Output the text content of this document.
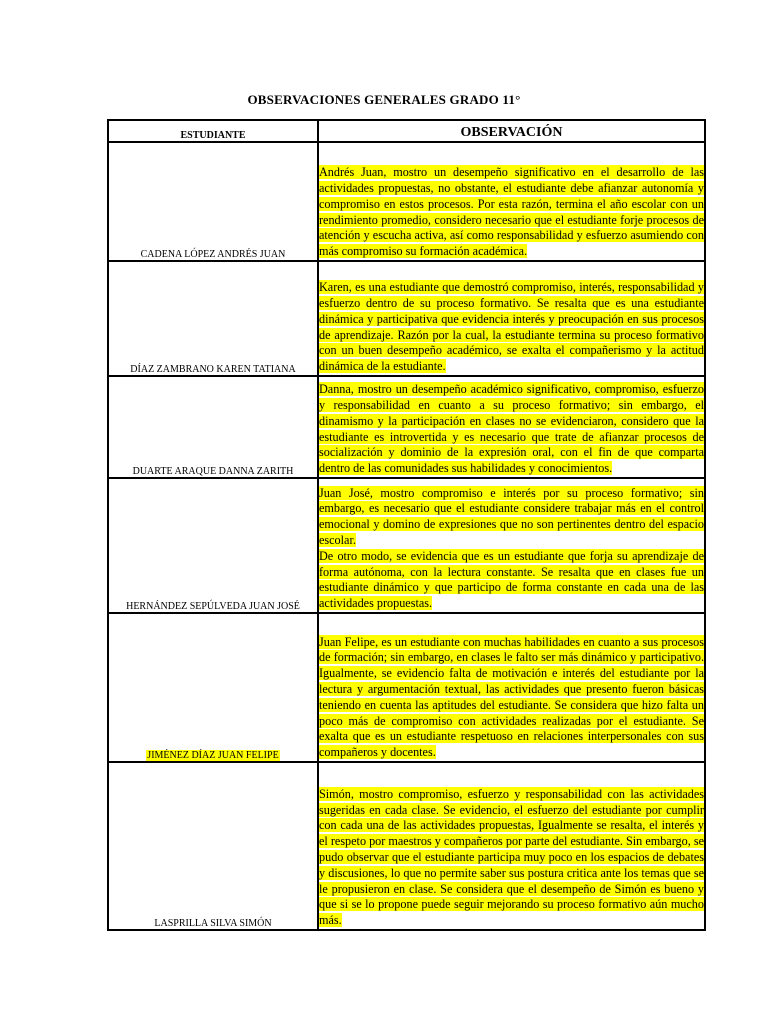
OBSERVACIONES GENERALES GRADO 11°
ESTUDIANTE	OBSERVACIÓN
CADENA LÓPEZ ANDRÉS JUAN	Andrés Juan, mostro un desempeño significativo en el desarrollo de las actividades propuestas, no obstante, el estudiante debe afianzar autonomía y compromiso en estos procesos. Por esta razón, termina el año escolar con un rendimiento promedio, considero necesario que el estudiante forje procesos de atención y escucha activa, así como responsabilidad y esfuerzo asumiendo con más compromiso su formación académica.

DÍAZ ZAMBRANO KAREN TATIANA	Karen, es una estudiante que demostró compromiso, interés, responsabilidad y esfuerzo dentro de su proceso formativo. Se resalta que es una estudiante dinámica y participativa que evidencia interés y preocupación en sus procesos de aprendizaje. Razón por la cual, la estudiante termina su proceso formativo con un buen desempeño académico, se exalta el compañerismo y la actitud dinámica de la estudiante.

DUARTE ARAQUE DANNA ZARITH	Danna, mostro un desempeño académico significativo, compromiso, esfuerzo y responsabilidad en cuanto a su proceso formativo; sin embargo, el dinamismo y la participación en clases no se evidenciaron, considero que la estudiante es introvertida y es necesario que trate de afianzar procesos de socialización y dominio de la expresión oral, con el fin de que comparta dentro de las comunidades sus habilidades y conocimientos.

HERNÁNDEZ SEPÚLVEDA JUAN JOSÉ	Juan José, mostro compromiso e interés por su proceso formativo; sin embargo, es necesario que el estudiante considere trabajar más en el control emocional y domino de expresiones que no son pertinentes dentro del espacio escolar.

De otro modo, se evidencia que es un estudiante que forja su aprendizaje de forma autónoma, con la lectura constante. Se resalta que en clases fue un estudiante dinámico y que participo de forma constante en cada una de las actividades propuestas.

JIMÉNEZ DÍAZ JUAN FELIPE	Juan Felipe, es un estudiante con muchas habilidades en cuanto a sus procesos de formación; sin embargo, en clases le falto ser más dinámico y participativo. Igualmente, se evidencio falta de motivación e interés del estudiante por la lectura y argumentación textual, las actividades que presento fueron básicas teniendo en cuenta las aptitudes del estudiante. Se considera que hizo falta un poco más de compromiso con actividades realizadas por el estudiante. Se exalta que es un estudiante respetuoso en relaciones interpersonales con sus compañeros y docentes.

LASPRILLA SILVA SIMÓN	Simón, mostro compromiso, esfuerzo y responsabilidad con las actividades sugeridas en cada clase. Se evidencio, el esfuerzo del estudiante por cumplir con cada una de las actividades propuestas, Igualmente se resalta, el interés y el respeto por maestros y compañeros por parte del estudiante. Sin embargo, se pudo observar que el estudiante participa muy poco en los espacios de debates y discusiones, lo que no permite saber sus postura critica ante los temas que se le propusieron en clase. Se considera que el desempeño de Simón es bueno y que si se lo propone puede seguir mejorando su proceso formativo aún mucho más.
